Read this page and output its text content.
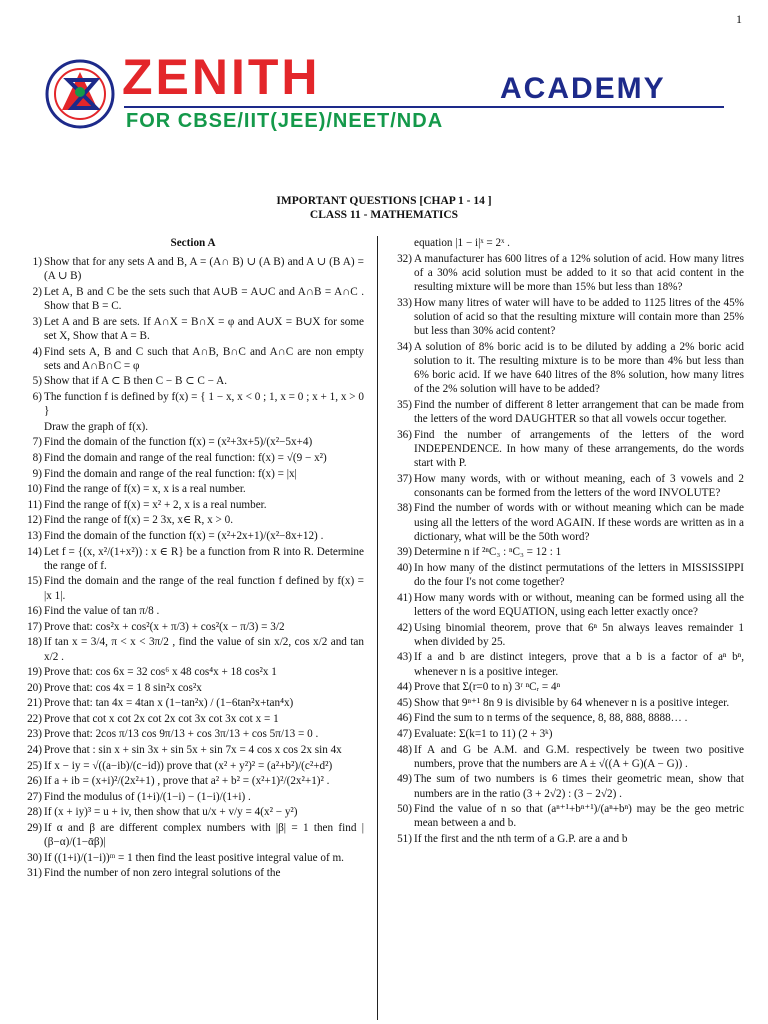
1
ZENITH	ACADEMY
FOR CBSE/IIT(JEE)/NEET/NDA
IMPORTANT QUESTIONS [CHAP 1 - 14 ]
CLASS 11 - MATHEMATICS
Section A
1) Show that for any sets A and B, A = (A∩ B) ∪ (A B) and A ∪ (B A) = (A ∪ B)
2) Let A, B and C be the sets such that A∪B = A∪C and A∩B = A∩C . Show that B = C.
3) Let A and B are sets. If A∩X = B∩X = φ and A∪X = B∪X for some set X, Show that A = B.
4) Find sets A, B and C such that A∩B, B∩C and A∩C are non empty sets and A∩B∩C = φ
5) Show that if A ⊂ B then C − B ⊂ C − A.
6) The function f is defined by f(x) = { 1 − x, x < 0 ; 1, x = 0 ; x + 1, x > 0 }
Draw the graph of f(x).
7) Find the domain of the function f(x) = (x²+3x+5)/(x²−5x+4)
8) Find the domain and range of the real function: f(x) = √(9 − x²)
9) Find the domain and range of the real function: f(x) = |x|
10) Find the range of f(x) = x, x is a real number.
11) Find the range of f(x) = x² + 2, x is a real number.
12) Find the range of f(x) = 2 3x, x∈ R, x > 0.
13) Find the domain of the function f(x) = (x²+2x+1)/(x²−8x+12) .
14) Let f = {(x, x²/(1+x²)) : x ∈ R} be a function from R into R. Determine the range of f.
15) Find the domain and the range of the real function f defined by f(x) = |x 1|.
16) Find the value of tan π/8 .
17) Prove that: cos²x + cos²(x + π/3) + cos²(x − π/3) = 3/2
18) If tan x = 3/4, π < x < 3π/2 , find the value of sin x/2, cos x/2 and tan x/2 .
19) Prove that: cos 6x = 32 cos⁶ x 48 cos⁴x + 18 cos²x 1
20) Prove that: cos 4x = 1 8 sin²x cos²x
21) Prove that: tan 4x = 4tan x (1−tan²x) / (1−6tan²x+tan⁴x)
22) Prove that cot x cot 2x cot 2x cot 3x cot 3x cot x = 1
23) Prove that: 2cos π/13 cos 9π/13 + cos 3π/13 + cos 5π/13 = 0 .
24) Prove that : sin x + sin 3x + sin 5x + sin 7x = 4 cos x cos 2x sin 4x
25) If x − iy = √((a−ib)/(c−id)) prove that (x² + y²)² = (a²+b²)/(c²+d²)
26) If a + ib = (x+i)²/(2x²+1) , prove that a² + b² = (x²+1)²/(2x²+1)² .
27) Find the modulus of (1+i)/(1−i) − (1−i)/(1+i) .
28) If (x + iy)³ = u + iv, then show that u/x + v/y = 4(x² − y²)
29) If α and β are different complex numbers with |β| = 1 then find |(β−α)/(1−ᾱβ)|
30) If ((1+i)/(1−i))ᵐ = 1 then find the least positive integral value of m.
31) Find the number of non zero integral solutions of the
equation |1 − i|ˣ = 2ˣ .
32) A manufacturer has 600 litres of a 12% solution of acid. How many litres of a 30% acid solution must be added to it so that acid content in the resulting mixture will be more than 15% but less than 18%?
33) How many litres of water will have to be added to 1125 litres of the 45% solution of acid so that the resulting mixture will contain more than 25% but less than 30% acid content?
34) A solution of 8% boric acid is to be diluted by adding a 2% boric acid solution to it. The resulting mixture is to be more than 4% but less than 6% boric acid. If we have 640 litres of the 8% solution, how many litres of the 2% solution will have to be added?
35) Find the number of different 8 letter arrangement that can be made from the letters of the word DAUGHTER so that all vowels occur together.
36) Find the number of arrangements of the letters of the word INDEPENDENCE. In how many of these arrangements, do the words start with P.
37) How many words, with or without meaning, each of 3 vowels and 2 consonants can be formed from the letters of the word INVOLUTE?
38) Find the number of words with or without meaning which can be made using all the letters of the word AGAIN. If these words are written as in a dictionary, what will be the 50th word?
39) Determine n if ²ⁿC₃ : ⁿC₃ = 12 : 1
40) In how many of the distinct permutations of the letters in MISSISSIPPI do the four I's not come together?
41) How many words with or without, meaning can be formed using all the letters of the word EQUATION, using each letter exactly once?
42) Using binomial theorem, prove that 6ⁿ 5n always leaves remainder 1 when divided by 25.
43) If a and b are distinct integers, prove that a b is a factor of aⁿ bⁿ, whenever n is a positive integer.
44) Prove that Σ(r=0 to n) 3ʳ ⁿCᵣ = 4ⁿ
45) Show that 9ⁿ⁺¹ 8n 9 is divisible by 64 whenever n is a positive integer.
46) Find the sum to n terms of the sequence, 8, 88, 888, 8888… .
47) Evaluate: Σ(k=1 to 11) (2 + 3ᵏ)
48) If A and G be A.M. and G.M. respectively be tween two positive numbers, prove that the numbers are A ± √((A + G)(A − G)) .
49) The sum of two numbers is 6 times their geometric mean, show that numbers are in the ratio (3 + 2√2) : (3 − 2√2) .
50) Find the value of n so that (aⁿ⁺¹+bⁿ⁺¹)/(aⁿ+bⁿ) may be the geo metric mean between a and b.
51) If the first and the nth term of a G.P. are a and b
